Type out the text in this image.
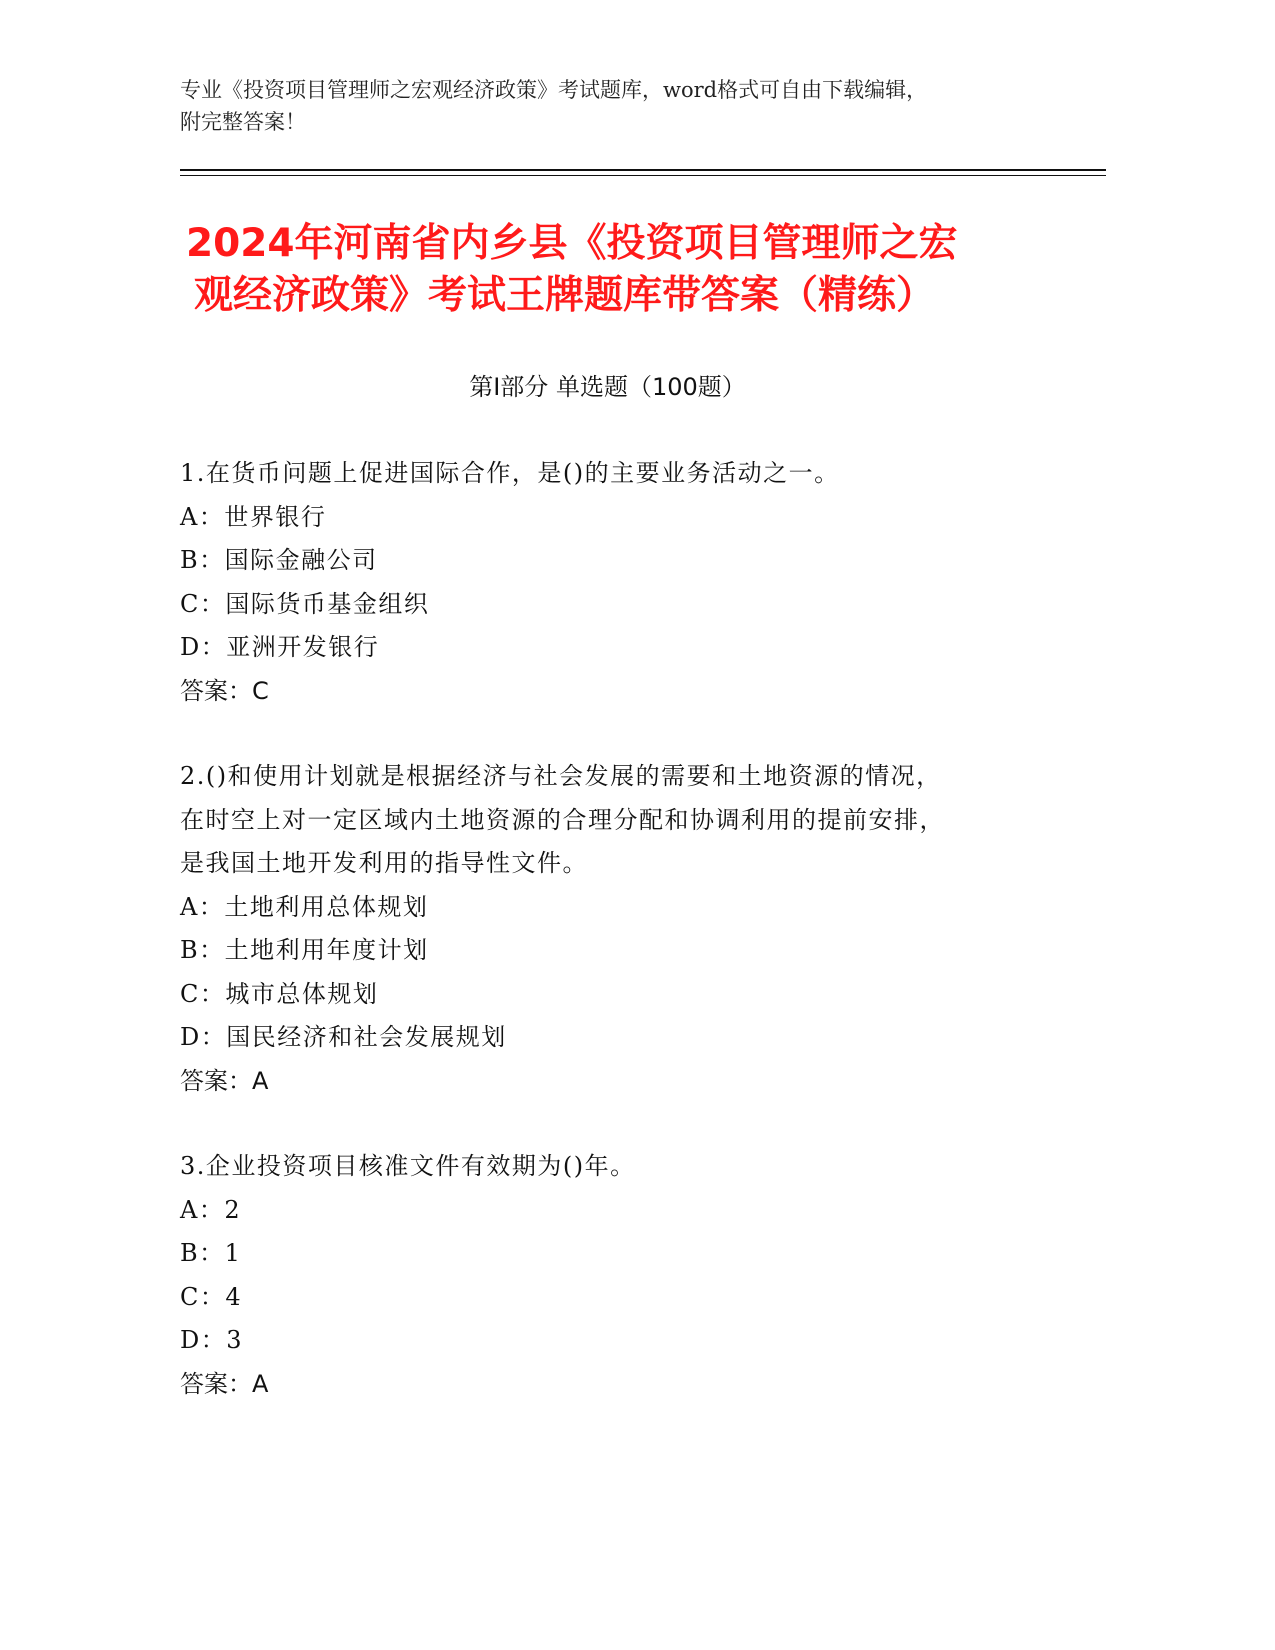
专业《投资项目管理师之宏观经济政策》考试题库，word格式可自由下载编辑，
附完整答案！
2024年河南省内乡县《投资项目管理师之宏
观经济政策》考试王牌题库带答案（精练）
第I部分 单选题（100题）

1.在货币问题上促进国际合作，是()的主要业务活动之一。

A：世界银行

B：国际金融公司

C：国际货币基金组织

D：亚洲开发银行

答案：C

2.()和使用计划就是根据经济与社会发展的需要和土地资源的情况，

在时空上对一定区域内土地资源的合理分配和协调利用的提前安排，

是我国土地开发利用的指导性文件。

A：土地利用总体规划

B：土地利用年度计划

C：城市总体规划

D：国民经济和社会发展规划

答案：A

3.企业投资项目核准文件有效期为()年。

A：2

B：1

C：4

D：3

答案：A
